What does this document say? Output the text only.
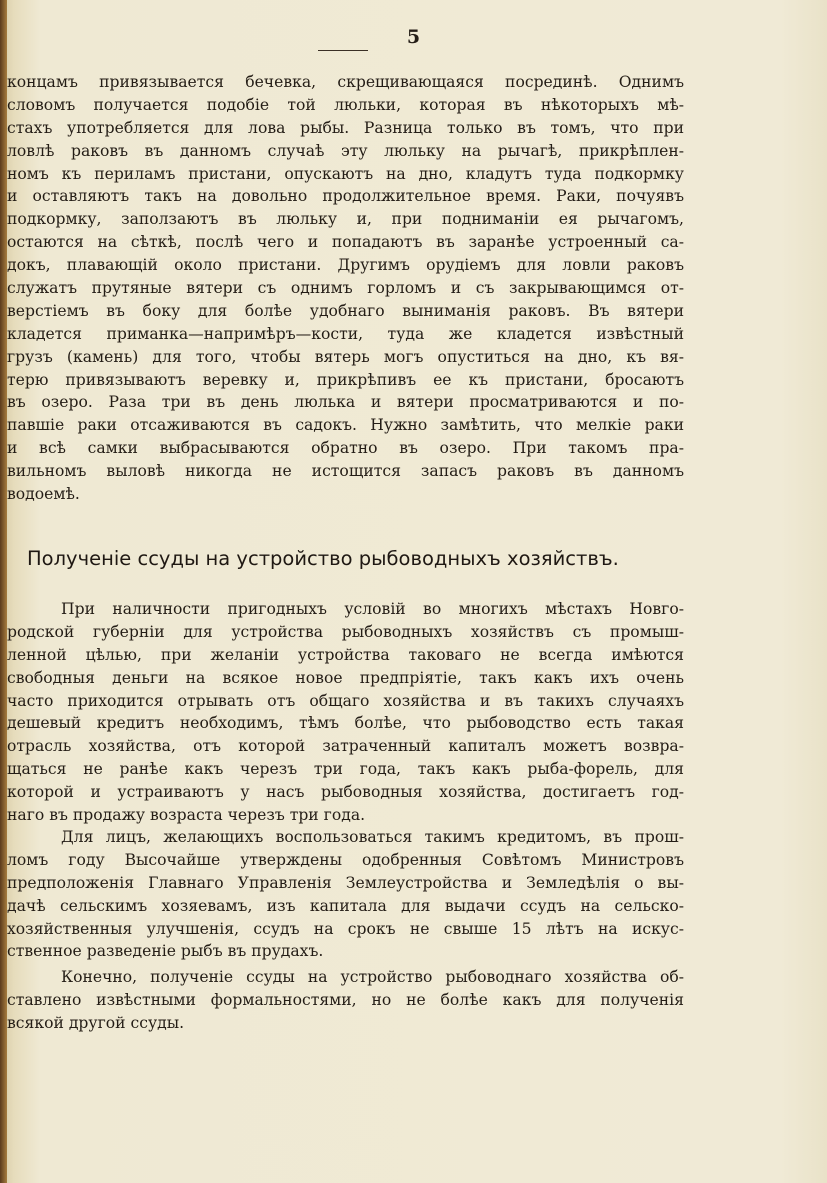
5
концамъ привязывается бечевка, скрещивающаяся посрединѣ. Однимъ
словомъ получается подобіе той люльки, которая въ нѣкоторыхъ мѣ-
стахъ употребляется для лова рыбы. Разница только въ томъ, что при
ловлѣ раковъ въ данномъ случаѣ эту люльку на рычагѣ, прикрѣплен-
номъ къ периламъ пристани, опускаютъ на дно, кладутъ туда подкормку
и оставляютъ такъ на довольно продолжительное время. Раки, почуявъ
подкормку, заползаютъ въ люльку и, при подниманіи ея рычагомъ,
остаются на сѣткѣ, послѣ чего и попадаютъ въ заранѣе устроенный са-
докъ, плавающій около пристани. Другимъ орудіемъ для ловли раковъ
служатъ прутяные вятери съ однимъ горломъ и съ закрывающимся от-
верстіемъ въ боку для болѣе удобнаго выниманія раковъ. Въ вятери
кладется приманка—напримѣръ—кости, туда же кладется извѣстный
грузъ (камень) для того, чтобы вятерь могъ опуститься на дно, къ вя-
терю привязываютъ веревку и, прикрѣпивъ ее къ пристани, бросаютъ
въ озеро. Раза три въ день люлька и вятери просматриваются и по-
павшіе раки отсаживаются въ садокъ. Нужно замѣтить, что мелкіе раки
и всѣ самки выбрасываются обратно въ озеро. При такомъ пра-
вильномъ выловѣ никогда не истощится запасъ раковъ въ данномъ
водоемѣ.
Полученіе ссуды на устройство рыбоводныхъ хозяйствъ.
При наличности пригодныхъ условій во многихъ мѣстахъ Новго-
родской губерніи для устройства рыбоводныхъ хозяйствъ съ промыш-
ленной цѣлью, при желаніи устройства таковаго не всегда имѣются
свободныя деньги на всякое новое предпріятіе, такъ какъ ихъ очень
часто приходится отрывать отъ общаго хозяйства и въ такихъ случаяхъ
дешевый кредитъ необходимъ, тѣмъ болѣе, что рыбоводство есть такая
отрасль хозяйства, отъ которой затраченный капиталъ можетъ возвра-
щаться не ранѣе какъ черезъ три года, такъ какъ рыба-форель, для
которой и устраиваютъ у насъ рыбоводныя хозяйства, достигаетъ год-
наго въ продажу возраста черезъ три года.
Для лицъ, желающихъ воспользоваться такимъ кредитомъ, въ прош-
ломъ году Высочайше утверждены одобренныя Совѣтомъ Министровъ
предположенія Главнаго Управленія Землеустройства и Земледѣлія о вы-
дачѣ сельскимъ хозяевамъ, изъ капитала для выдачи ссудъ на сельско-
хозяйственныя улучшенія, ссудъ на срокъ не свыше 15 лѣтъ на искус-
ственное разведеніе рыбъ въ прудахъ.
Конечно, полученіе ссуды на устройство рыбоводнаго хозяйства об-
ставлено извѣстными формальностями, но не болѣе какъ для полученія
всякой другой ссуды.
